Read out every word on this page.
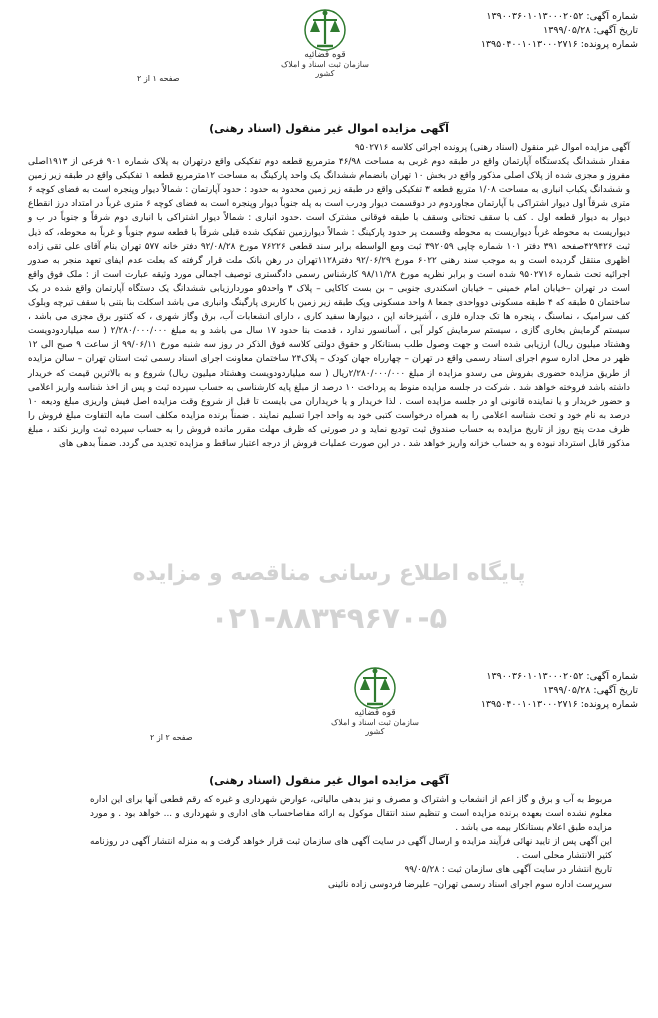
شماره آگهی: ۱۳۹۰۰۳۶۰۱۰۱۳۰۰۰۲۰۵۲
تاریخ آگهی: ۱۳۹۹/۰۵/۲۸
شماره پرونده: ۱۳۹۵۰۴۰۰۱۰۱۳۰۰۰۲۷۱۶
قوه قضائیه
سازمان ثبت اسناد و املاک کشور
صفحه ۱ از ۲
آگهی مزایده اموال غیر منقول (اسناد رهنی)

آگهی مزایده اموال غیر منقول (اسناد رهنی) پرونده اجرائی کلاسه ۹۵۰۲۷۱۶

مقدار ششدانگ یکدستگاه آپارتمان واقع در طبقه دوم غربی به مساحت ۴۶/۹۸ مترمربع قطعه دوم تفکیکی واقع درتهران به پلاک شماره ۹۰۱ فرعی از ۱۹۱۳اصلی مفروز و مجزی شده از پلاک اصلی مذکور واقع در بخش ۱۰ تهران بانضمام ششدانگ یک واحد پارکینگ به مساحت ۱۲مترمربع قطعه ۱ تفکیکی واقع در طبقه زیر زمین و ششدانگ یکباب انباری به مساحت ۱/۰۸ متربع قطعه ۳ تفکیکی واقع در طبقه زیر زمین محدود به حدود : حدود آپارتمان : شمالاً دیوار وپنجره است به فضای کوچه ۶ متری شرقاً اول دیوار اشتراکی با آپارتمان مجاوردوم در دوقسمت دیوار ودرب است به پله جنوباً دیوار وپنجره است به فضای کوچه ۶ متری غرباً در امتداد درز انقطاع دیوار به دیوار قطعه اول . کف با سقف تحتانی وسقف با طبقه فوقانی مشترک است .حدود انباری : شمالاً دیوار اشتراکی با انباری دوم شرقاً و جنوباً در ب و دیواریست به محوطه غرباً دیواریست به محوطه وقسمت پر حدود پارکینگ : شمالاً دیوارزمین تفکیک شده قبلی شرقاً با قطعه سوم جنوباً و غرباً به محوطه، که ذیل ثبت ۴۲۹۴۲۶صفحه ۳۹۱ دفتر ۱۰۱ شماره چاپی ۳۹۲۰۵۹ ثبت ومع الواسطه برابر سند قطعی ۷۶۲۲۶ مورخ ۹۲/۰۸/۲۸ دفتر خانه ۵۷۷ تهران بنام آقای علی تقی زاده اظهری منتقل گردیده است و به موجب سند رهنی ۶۰۲۲ مورخ ۹۲/۰۶/۲۹ دفتر۱۱۲۸تهران در رهن بانک ملت قرار گرفته که بعلت عدم ایفای تعهد منجر به صدور اجرائیه تحت شماره ۹۵۰۲۷۱۶ شده است و برابر نظریه مورخ ۹۸/۱۱/۲۸ کارشناس رسمی دادگستری توصیف اجمالی مورد وثیقه عبارت است از : ملک فوق واقع است در تهران –خیابان امام خمینی – خیابان اسکندری جنوبی – بن بست کاکایی – پلاک ۳ واحد۵و موردارزیابی ششدانگ یک دستگاه آپارتمان واقع شده در یک ساختمان ۵ طبقه که ۴ طبقه مسکونی دوواحدی جمعا ۸ واحد مسکونی وپک طبقه زیر زمین با کاربری پارگینگ وانباری می باشد اسکلت بنا بتنی با سقف تیرچه وبلوک کف سرامیک ، نماسنگ ، پنجره ها تک جداره فلزی ، آشپزخانه اپن ، دیوارها سفید کاری ، دارای انشعابات آب، برق وگاز شهری ، که کنتور برق مجزی می باشد ، سیستم گرمایش بخاری گازی ، سیستم سرمایش کولر آبی ، آسانسور ندارد ، قدمت بنا حدود ۱۷ سال می باشد و به مبلغ ۲/۲۸۰/۰۰۰/۰۰۰ ( سه میلیاردودویست وهشتاد میلیون ریال) ارزیابی شده است و جهت وصول طلب بستانکار و حقوق دولتی کلاسه فوق الذکر در روز سه شنبه مورخ ۹۹/۰۶/۱۱ از ساعت ۹ صبح الی ۱۲ ظهر در محل اداره سوم اجرای اسناد رسمی واقع در تهران – چهارراه جهان کودک – پلاک۲۴ ساختمان معاونت اجرای اسناد رسمی ثبت استان تهران – سالن مزایده از طریق مزایده حضوری بفروش می رسدو مزایده از مبلغ ۲/۲۸۰/۰۰۰/۰۰۰ریال ( سه میلیاردودویست وهشتاد میلیون ریال) شروع و به بالاترین قیمت که خریدار داشته باشد فروخته خواهد شد . شرکت در جلسه مزایده منوط به پرداخت ۱۰ درصد از مبلغ پایه کارشناسی به حساب سپرده ثبت و پس از اخذ شناسه واریز اعلامی و حضور خریدار و یا نماینده قانونی او در جلسه مزایده است . لذا خریدار و یا خریداران می بایست تا قبل از شروع وقت مزایده اصل فیش واریزی مبلغ ودیعه ۱۰ درصد به نام خود و تحت شناسه اعلامی را به همراه درخواست کتبی خود به واحد اجرا تسلیم نمایند . ضمناً برنده مزایده مکلف است مابه التفاوت مبلغ فروش را ظرف مدت پنج روز از تاریخ مزایده به حساب صندوق ثبت تودیع نماید و در صورتی که ظرف مهلت مقرر مانده فروش را به حساب سپرده ثبت واریز نکند ، مبلغ مذکور قابل استرداد نبوده و به حساب خزانه واریز خواهد شد . در این صورت عملیات فروش از درجه اعتبار ساقط و مزایده تجدید می گردد. ضمناً بدهی های

پایگاه اطلاع رسانی مناقصه و مزایده
۰۲۱-۸۸۳۴۹۶۷۰-۵
شماره آگهی: ۱۳۹۰۰۳۶۰۱۰۱۳۰۰۰۲۰۵۲
تاریخ آگهی: ۱۳۹۹/۰۵/۲۸
شماره پرونده: ۱۳۹۵۰۴۰۰۱۰۱۳۰۰۰۲۷۱۶
قوه قضائیه
سازمان ثبت اسناد و املاک کشور
صفحه ۲ از ۲
آگهی مزایده اموال غیر منقول (اسناد رهنی)

مربوط به آب و برق و گاز اعم از انشعاب و اشتراک و مصرف و نیز بدهی مالیاتی، عوارض شهرداری و غیره که رقم قطعی آنها برای این اداره معلوم نشده است بعهده برنده مزایده است و تنظیم سند انتقال موکول به ارائه مفاصاحساب های اداری و شهرداری و ... خواهد بود . و مورد مزایده طبق اعلام بستانکار بیمه می باشد .

این آگهی پس از تایید نهائی فرآیند مزایده و ارسال آگهی در سایت آگهی های سازمان ثبت قرار خواهد گرفت و به منزله انتشار آگهی در روزنامه کثیر الانتشار محلی است .

تاریخ انتشار در سایت آگهی های سازمان ثبت : ۹۹/۰۵/۲۸

سرپرست اداره سوم اجرای اسناد رسمی تهران– علیرضا فردوسی زاده نائینی
